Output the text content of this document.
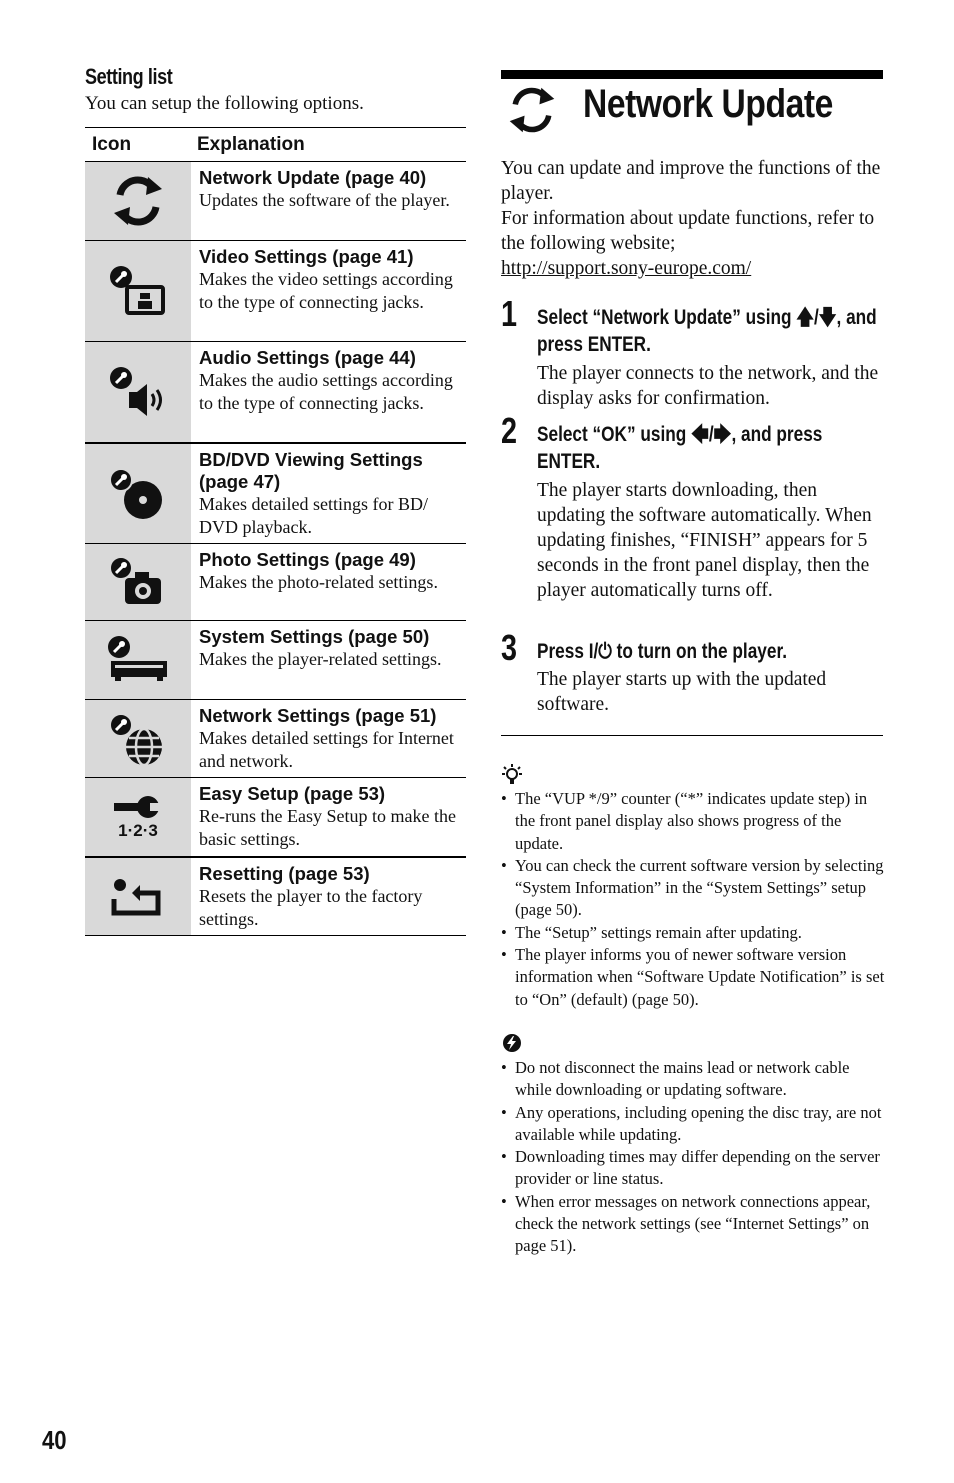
Setting list
You can setup the following options.
Icon	Explanation
Network Update (page 40)
Updates the software of the player.
Video Settings (page 41)
Makes the video settings according to the type of connecting jacks.
Audio Settings (page 44)
Makes the audio settings according to the type of connecting jacks.
BD/DVD Viewing Settings (page 47)
Makes detailed settings for BD/ DVD playback.
Photo Settings (page 49)
Makes the photo-related settings.
System Settings (page 50)
Makes the player-related settings.
Network Settings (page 51)
Makes detailed settings for Internet and network.
1·2·3
Easy Setup (page 53)
Re-runs the Easy Setup to make the basic settings.
Resetting (page 53)
Resets the player to the factory settings.
Network Update
You can update and improve the functions of the player.
For information about update functions, refer to the following website;
http://support.sony-europe.com/
1 Select “Network Update” using 🡅/🡇, and press ENTER.
The player connects to the network, and the display asks for confirmation.
2 Select “OK” using 🡄/🡆, and press ENTER.
The player starts downloading, then updating the software automatically. When updating finishes, “FINISH” appears for 5 seconds in the front panel display, then the player automatically turns off.
3 Press I/⏻ to turn on the player.
The player starts up with the updated software.
• The “VUP */9” counter (“*” indicates update step) in the front panel display also shows progress of the update.
• You can check the current software version by selecting “System Information” in the “System Settings” setup (page 50).
• The “Setup” settings remain after updating.
• The player informs you of newer software version information when “Software Update Notification” is set to “On” (default) (page 50).
• Do not disconnect the mains lead or network cable while downloading or updating software.
• Any operations, including opening the disc tray, are not available while updating.
• Downloading times may differ depending on the server provider or line status.
• When error messages on network connections appear, check the network settings (see “Internet Settings” on page 51).
40
